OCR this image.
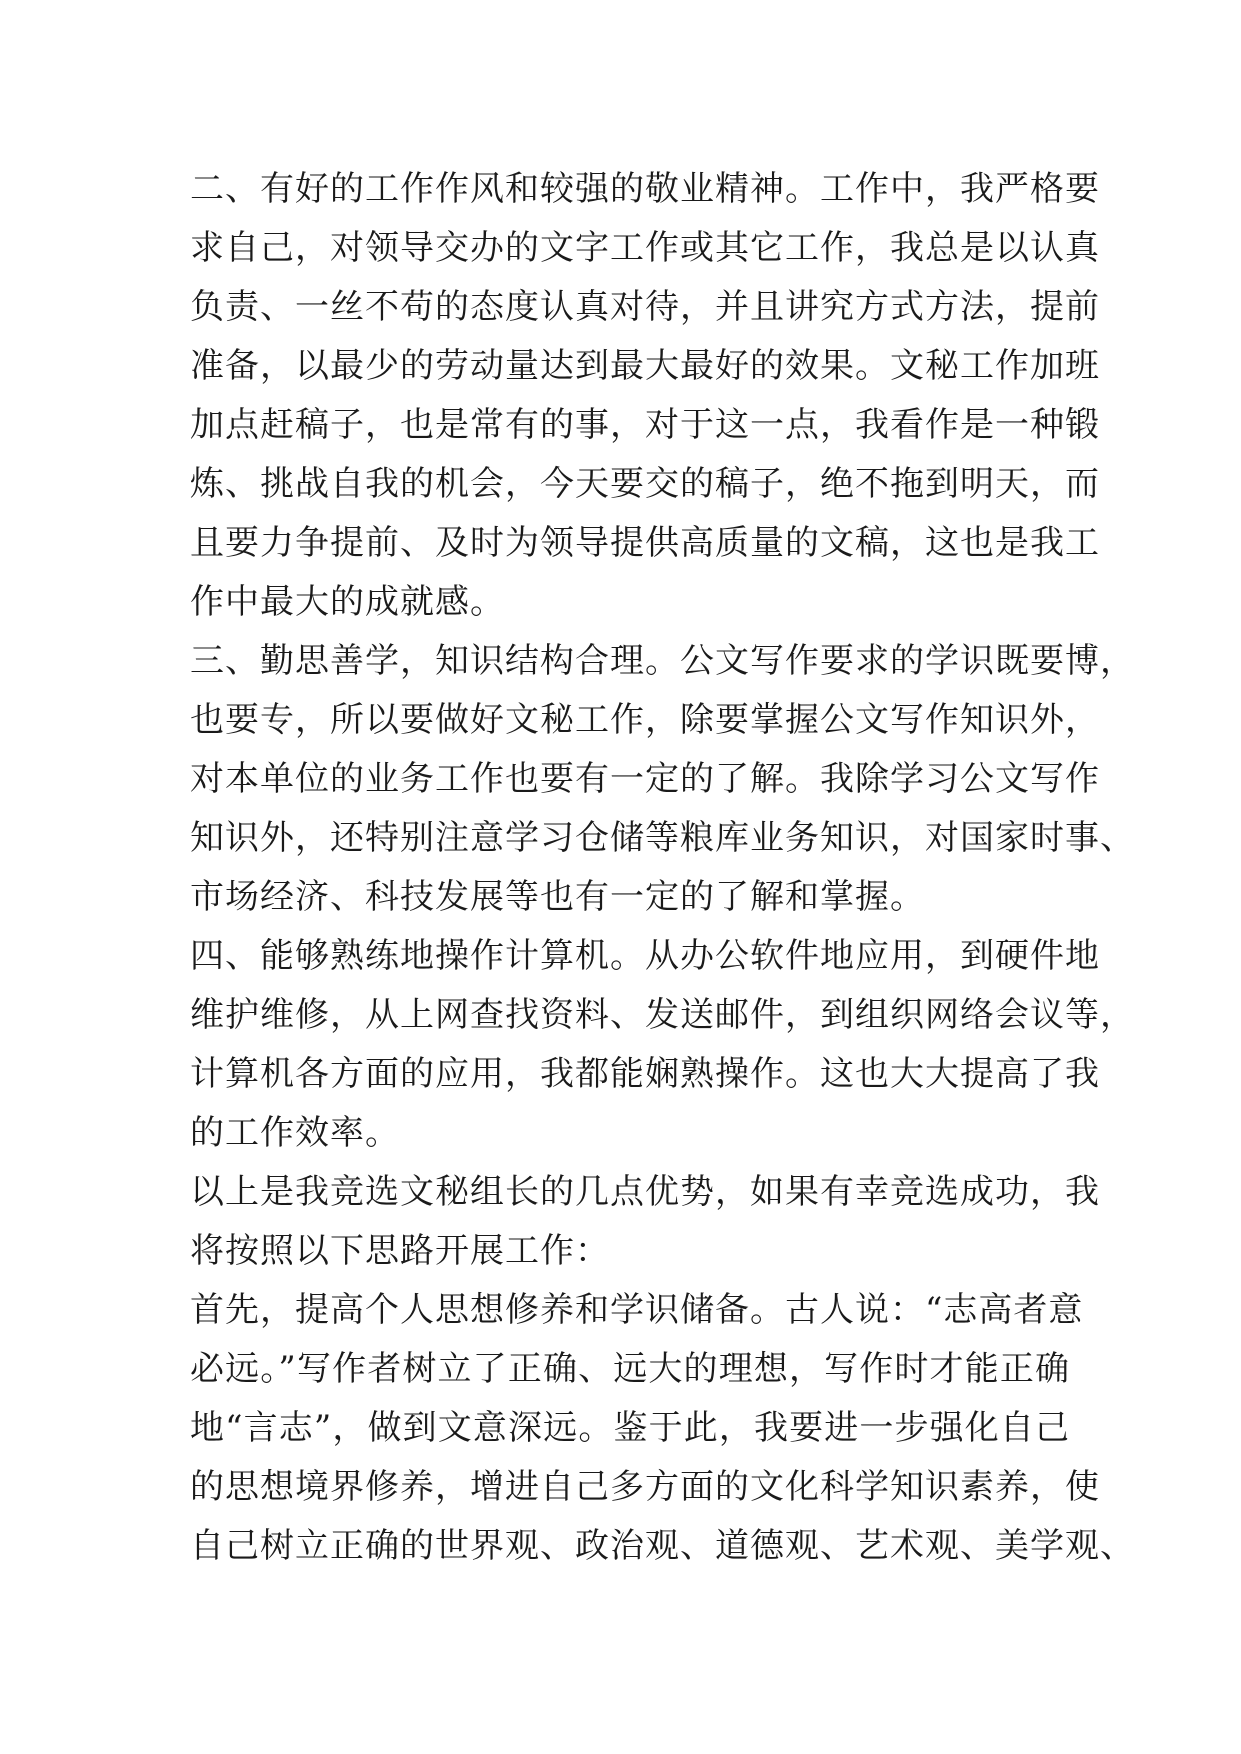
二、有好的工作作风和较强的敬业精神。工作中，我严格要
求自己，对领导交办的文字工作或其它工作，我总是以认真
负责、一丝不苟的态度认真对待，并且讲究方式方法，提前
准备，以最少的劳动量达到最大最好的效果。文秘工作加班
加点赶稿子，也是常有的事，对于这一点，我看作是一种锻
炼、挑战自我的机会，今天要交的稿子，绝不拖到明天，而
且要力争提前、及时为领导提供高质量的文稿，这也是我工
作中最大的成就感。
三、勤思善学，知识结构合理。公文写作要求的学识既要博，
也要专，所以要做好文秘工作，除要掌握公文写作知识外，
对本单位的业务工作也要有一定的了解。我除学习公文写作
知识外，还特别注意学习仓储等粮库业务知识，对国家时事、
市场经济、科技发展等也有一定的了解和掌握。
四、能够熟练地操作计算机。从办公软件地应用，到硬件地
维护维修，从上网查找资料、发送邮件，到组织网络会议等，
计算机各方面的应用，我都能娴熟操作。这也大大提高了我
的工作效率。
以上是我竞选文秘组长的几点优势，如果有幸竞选成功，我
将按照以下思路开展工作：
首先，提高个人思想修养和学识储备。古人说：“志高者意
必远。”写作者树立了正确、远大的理想，写作时才能正确
地“言志”，做到文意深远。鉴于此，我要进一步强化自己
的思想境界修养，增进自己多方面的文化科学知识素养，使
自己树立正确的世界观、政治观、道德观、艺术观、美学观、
